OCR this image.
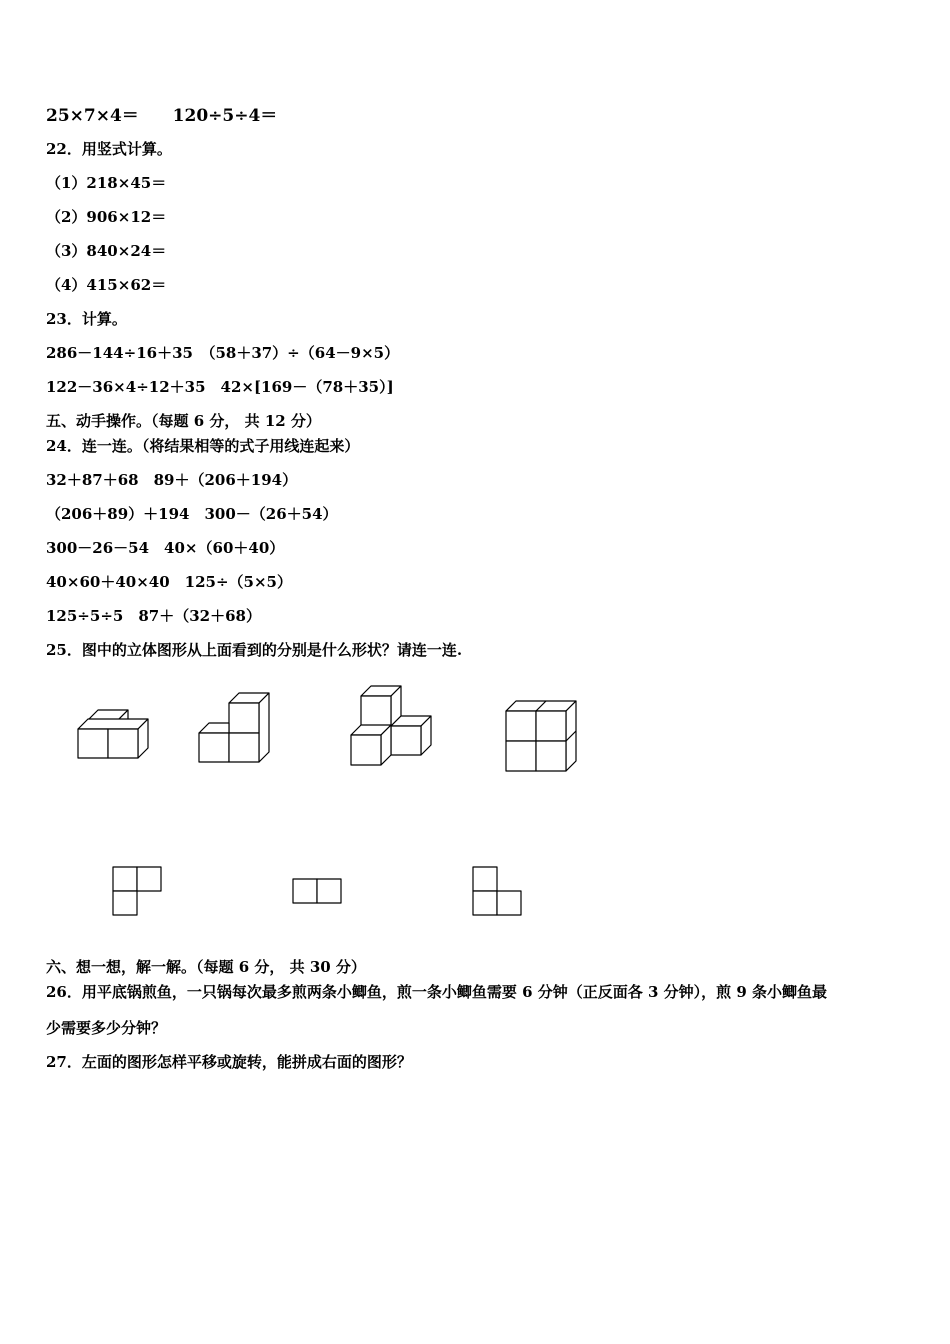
25×7×4＝ 120÷5÷4＝
22．用竖式计算。
（1）218×45＝
（2）906×12＝
（3）840×24＝
（4）415×62＝
23．计算。
286－144÷16＋35　（58＋37）÷（64－9×5）
122－36×4÷12＋35　42×[169－（78＋35）]
五、动手操作。（每题 6 分， 共 12 分）
24．连一连。（将结果相等的式子用线连起来）
32＋87＋68　89＋（206＋194）
（206＋89）＋194　300－（26＋54）
300－26－54　40×（60＋40）
40×60＋40×40　125÷（5×5）
125÷5÷5　87＋（32＋68）
25．图中的立体图形从上面看到的分别是什么形状？请连一连.
六、想一想，解一解。（每题 6 分， 共 30 分）
26．用平底锅煎鱼，一只锅每次最多煎两条小鲫鱼，煎一条小鲫鱼需要 6 分钟（正反面各 3 分钟），煎 9 条小鲫鱼最
少需要多少分钟？
27．左面的图形怎样平移或旋转，能拼成右面的图形？
